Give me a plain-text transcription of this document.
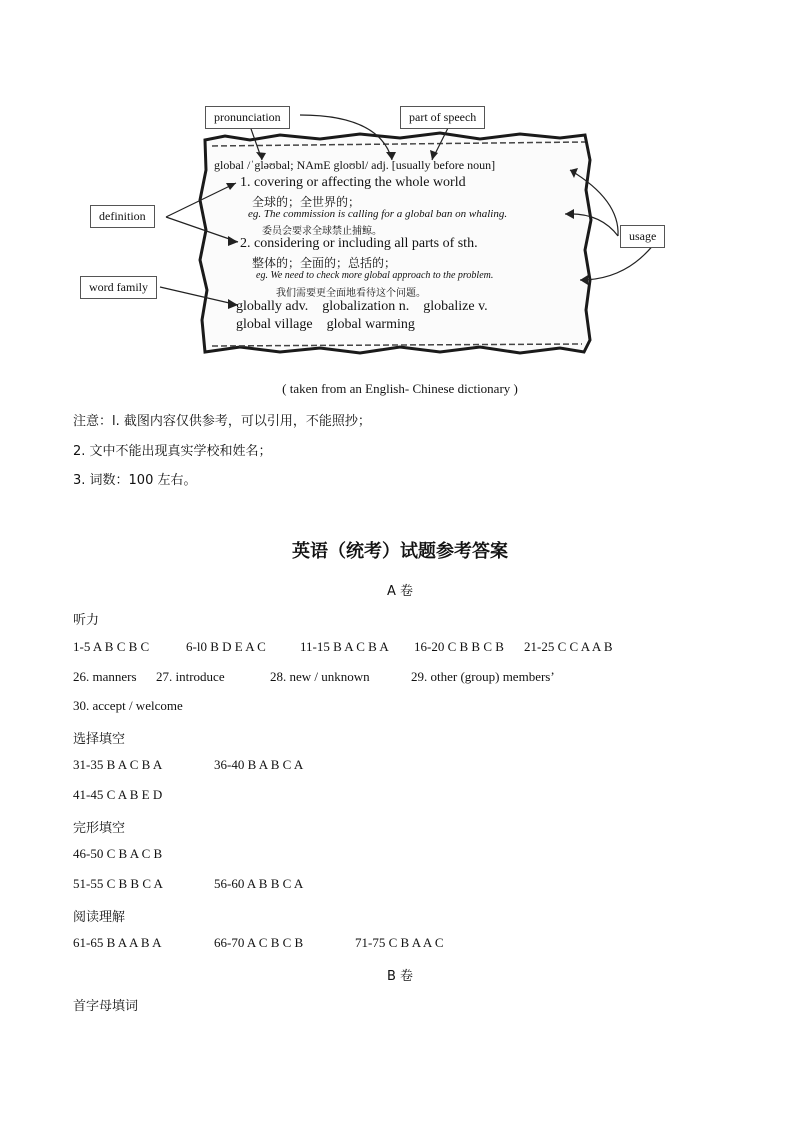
pronunciation	part of speech
definition
word family
usage
global /ˈgləʊbal; NAmE gloʊbl/ adj. [usually before noun]
1. covering or affecting the whole world
全球的；全世界的；
eg. The commission is calling for a global ban on whaling.
委员会要求全球禁止捕鲸。
2. considering or including all parts of sth.
整体的；全面的；总括的；
eg. We need to check more global approach to the problem.
我们需要更全面地看待这个问题。
globally adv.    globalization n.    globalize v.
global village    global warming
( taken from an English- Chinese dictionary )
注意：l. 截图内容仅供参考，可以引用，不能照抄；
2. 文中不能出现真实学校和姓名；
3. 词数：100 左右。
英语（统考）试题参考答案
A 卷
听力
1-5 A B C B C	6-l0 B D E A C	11-15 B A C B A 16-20 C B B C B 21-25 C C A A B
26. manners 27. introduce	28. new / unknown	29. other (group) members’
30. accept / welcome
选择填空
31-35 B A C B A	36-40 B A B C A
41-45 C A B E D
完形填空
46-50 C B A C B
51-55 C B B C A	56-60 A B B C A
阅读理解
61-65 B A A B A	66-70 A C B C B	71-75 C B A A C
B 卷
首字母填词
